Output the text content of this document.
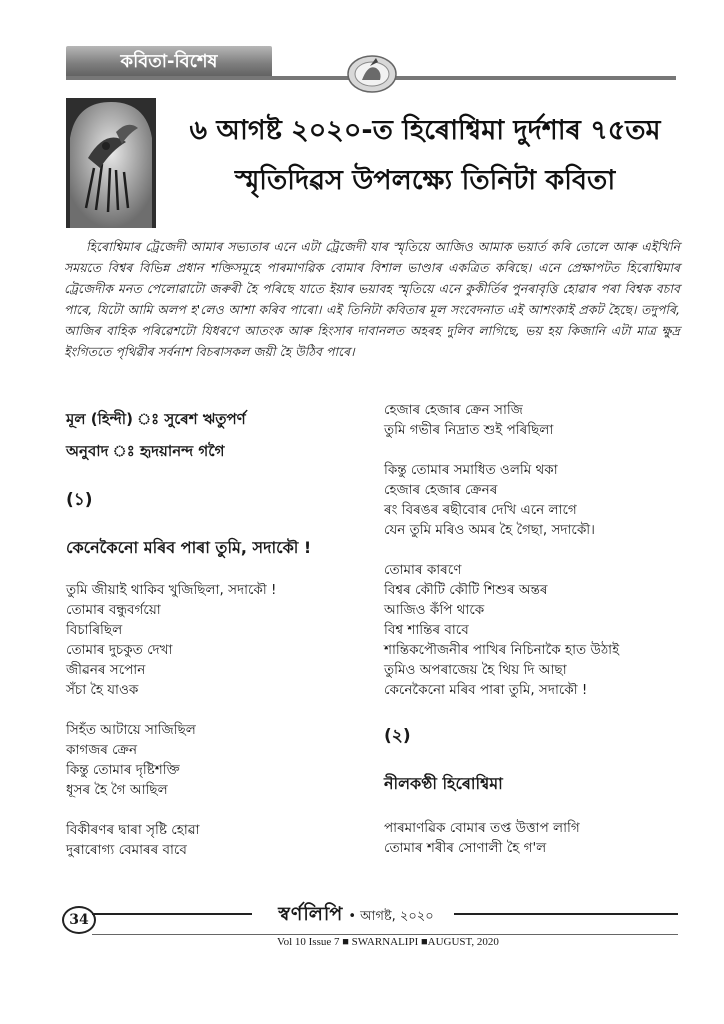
কবিতা-বিশেষ
৬ আগষ্ট ২০২০-ত হিৰোশ্বিমা দুৰ্দশাৰ ৭৫তম
স্মৃতিদিৱস উপলক্ষ্যে তিনিটা কবিতা
হিৰোশ্বিমাৰ ট্ৰেজেদী আমাৰ সভ্যতাৰ এনে এটা ট্ৰেজেদী যাৰ স্মৃতিয়ে আজিও আমাক ভয়াৰ্ত কৰি তোলে আৰু এইখিনি সময়তে বিশ্বৰ বিভিন্ন প্ৰধান শক্তিসমূহে পাৰমাণৱিক বোমাৰ বিশাল ভাণ্ডাৰ একত্ৰিত কৰিছে। এনে প্ৰেক্ষাপটত হিৰোশ্বিমাৰ ট্ৰেজেদীক মনত পেলোৱাটো জৰুৰী হৈ পৰিছে যাতে ইয়াৰ ভয়াবহ স্মৃতিয়ে এনে কুকীৰ্তিৰ পুনৰাবৃত্তি হোৱাৰ পৰা বিশ্বক বচাব পাৰে, যিটো আমি অলপ হ'লেও আশা কৰিব পাৰো। এই তিনিটা কবিতাৰ মূল সংবেদনাত এই আশংকাই প্ৰকট হৈছে। তদুপৰি, আজিৰ বাহিক পৰিৱেশটো যিধৰণে আতংক আৰু হিংসাৰ দাবানলত অহৰহ দুলিব লাগিছে, ভয় হয় কিজানি এটা মাত্ৰ ক্ষুদ্ৰ ইংগিততে পৃথিৱীৰ সৰ্বনাশ বিচৰাসকল জয়ী হৈ উঠিব পাৰে।
মূল (হিন্দী) ঃ সুৰেশ ঋতুপৰ্ণ
অনুবাদ ঃ হৃদয়ানন্দ গগৈ
(১)
কেনেকৈনো মৰিব পাৰা তুমি, সদাকৌ !
তুমি জীয়াই থাকিব খুজিছিলা, সদাকৌ !
তোমাৰ বন্ধুবৰ্গয়ো
বিচাৰিছিল
তোমাৰ দুচকুত দেখা
জীৱনৰ সপোন
সঁচা হৈ যাওক
সিহঁত আটায়ে সাজিছিল
কাগজৰ ক্ৰেন
কিন্তু তোমাৰ দৃষ্টিশক্তি
ধূসৰ হৈ গৈ আছিল
বিকীৰণৰ দ্বাৰা সৃষ্টি হোৱা
দুৰাৰোগ্য বেমাৰৰ বাবে
হেজাৰ হেজাৰ ক্ৰেন সাজি
তুমি গভীৰ নিদ্ৰাত শুই পৰিছিলা
কিন্তু তোমাৰ সমাধিত ওলমি থকা
হেজাৰ হেজাৰ ক্ৰেনৰ
ৰং বিৰঙৰ ৰছীবোৰ দেখি এনে লাগে
যেন তুমি মৰিও অমৰ হৈ গৈছা, সদাকৌ।
তোমাৰ কাৰণে
বিশ্বৰ কৌটি কৌটি শিশুৰ অন্তৰ
আজিও কঁপি থাকে
বিশ্ব শান্তিৰ বাবে
শান্তিকপৌজনীৰ পাখিৰ নিচিনাকৈ হাত উঠাই
তুমিও অপৰাজেয় হৈ থিয় দি আছা
কেনেকৈনো মৰিব পাৰা তুমি, সদাকৌ !
(২)
নীলকণ্ঠী হিৰোশ্বিমা
পাৰমাণৱিক বোমাৰ তপ্ত উত্তাপ লাগি
তোমাৰ শৰীৰ সোণালী হৈ গ'ল
34	স্বৰ্ণলিপি • আগষ্ট, ২০২০
Vol 10 Issue 7 ■ SWARNALIPI ■AUGUST, 2020
